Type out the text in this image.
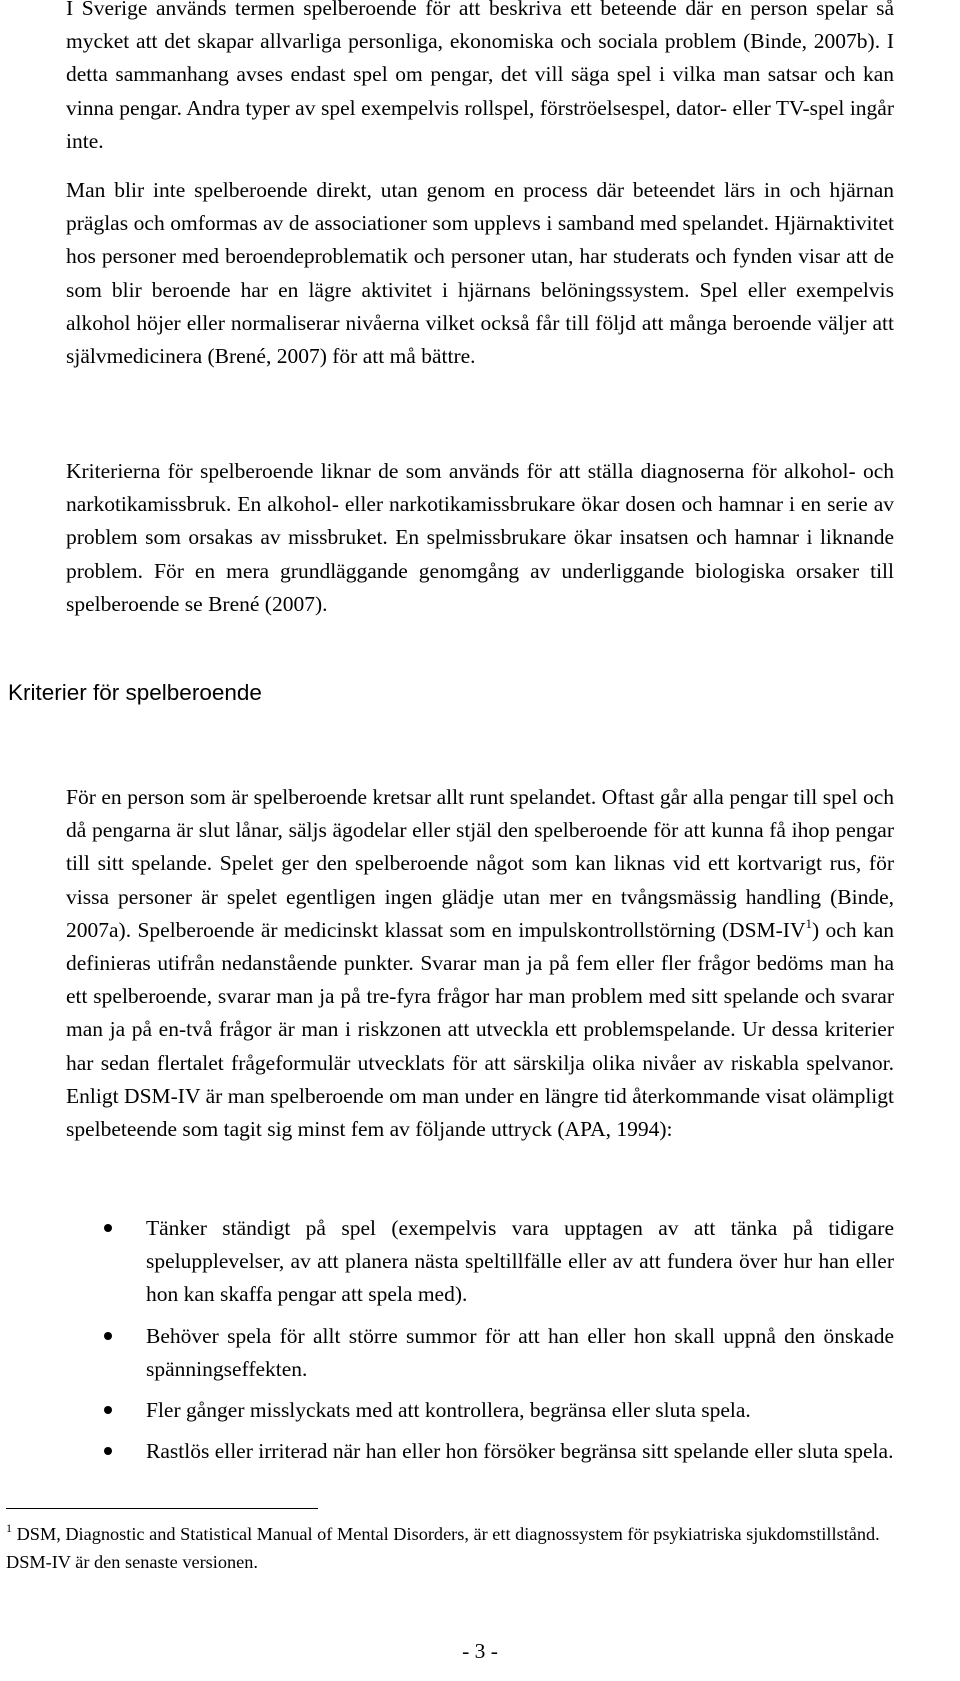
I Sverige används termen spelberoende för att beskriva ett beteende där en person spelar så mycket att det skapar allvarliga personliga, ekonomiska och sociala problem (Binde, 2007b). I detta sammanhang avses endast spel om pengar, det vill säga spel i vilka man satsar och kan vinna pengar. Andra typer av spel exempelvis rollspel, förströelsespel, dator- eller TV-spel ingår inte.

Man blir inte spelberoende direkt, utan genom en process där beteendet lärs in och hjärnan präglas och omformas av de associationer som upplevs i samband med spelandet. Hjärnaktivitet hos personer med beroendeproblematik och personer utan, har studerats och fynden visar att de som blir beroende har en lägre aktivitet i hjärnans belöningssystem. Spel eller exempelvis alkohol höjer eller normaliserar nivåerna vilket också får till följd att många beroende väljer att självmedicinera (Brené, 2007) för att må bättre.

Kriterierna för spelberoende liknar de som används för att ställa diagnoserna för alkohol- och narkotikamissbruk. En alkohol- eller narkotikamissbrukare ökar dosen och hamnar i en serie av problem som orsakas av missbruket. En spelmissbrukare ökar insatsen och hamnar i liknande problem. För en mera grundläggande genomgång av underliggande biologiska orsaker till spelberoende se Brené (2007).

Kriterier för spelberoende

För en person som är spelberoende kretsar allt runt spelandet. Oftast går alla pengar till spel och då pengarna är slut lånar, säljs ägodelar eller stjäl den spelberoende för att kunna få ihop pengar till sitt spelande. Spelet ger den spelberoende något som kan liknas vid ett kortvarigt rus, för vissa personer är spelet egentligen ingen glädje utan mer en tvångsmässig handling (Binde, 2007a). Spelberoende är medicinskt klassat som en impulskontrollstörning $(DSM-IV^1)$ och kan definieras utifrån nedanstående punkter. Svarar man ja på fem eller fler frågor bedöms man ha ett spelberoende, svarar man ja på tre-fyra frågor har man problem med sitt spelande och svarar man ja på en-två frågor är man i riskzonen att utveckla ett problemspelande. Ur dessa kriterier har sedan flertalet frågeformulär utvecklats för att särskilja olika nivåer av riskabla spelvanor. Enligt DSM-IV är man spelberoende om man under en längre tid återkommande visat olämpligt spelbeteende som tagit sig minst fem av följande uttryck (APA, 1994):

Tänker ständigt på spel (exempelvis vara upptagen av att tänka på tidigare spelupplevelser, av att planera nästa speltillfälle eller av att fundera över hur han eller hon kan skaffa pengar att spela med).
Behöver spela för allt större summor för att han eller hon skall uppnå den önskade spänningseffekten.
Fler gånger misslyckats med att kontrollera, begränsa eller sluta spela.
Rastlös eller irriterad när han eller hon försöker begränsa sitt spelande eller sluta spela.

$^1$ DSM, Diagnostic and Statistical Manual of Mental Disorders, är ett diagnossystem för psykiatriska sjukdomstillstånd. DSM-IV är den senaste versionen.

- 3 -
